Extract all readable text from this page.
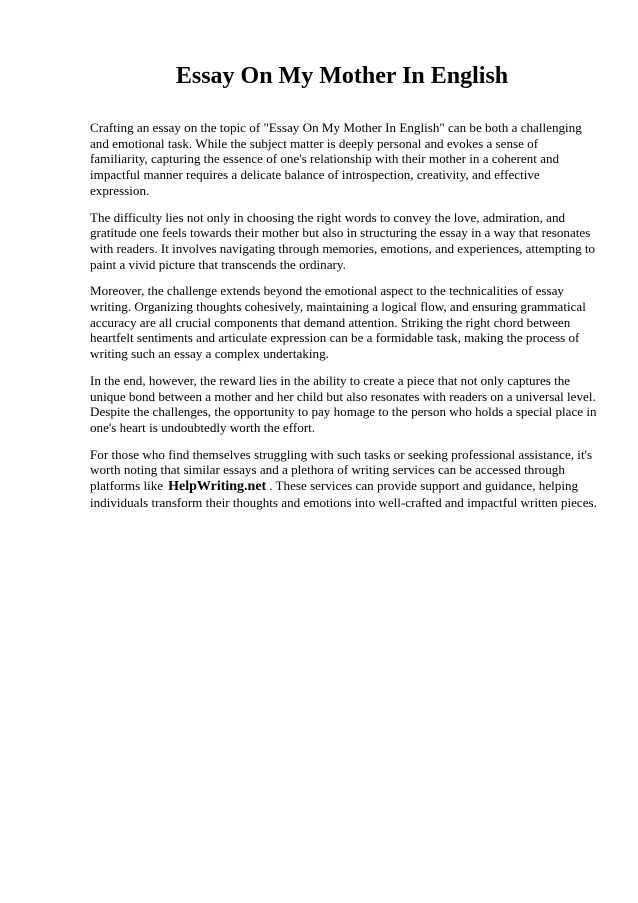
Essay On My Mother In English

Crafting an essay on the topic of "Essay On My Mother In English" can be both a challenging and emotional task. While the subject matter is deeply personal and evokes a sense of familiarity, capturing the essence of one's relationship with their mother in a coherent and impactful manner requires a delicate balance of introspection, creativity, and effective expression.

The difficulty lies not only in choosing the right words to convey the love, admiration, and gratitude one feels towards their mother but also in structuring the essay in a way that resonates with readers. It involves navigating through memories, emotions, and experiences, attempting to paint a vivid picture that transcends the ordinary.

Moreover, the challenge extends beyond the emotional aspect to the technicalities of essay writing. Organizing thoughts cohesively, maintaining a logical flow, and ensuring grammatical accuracy are all crucial components that demand attention. Striking the right chord between heartfelt sentiments and articulate expression can be a formidable task, making the process of writing such an essay a complex undertaking.

In the end, however, the reward lies in the ability to create a piece that not only captures the unique bond between a mother and her child but also resonates with readers on a universal level. Despite the challenges, the opportunity to pay homage to the person who holds a special place in one's heart is undoubtedly worth the effort.

For those who find themselves struggling with such tasks or seeking professional assistance, it's worth noting that similar essays and a plethora of writing services can be accessed through platforms like HelpWriting.net . These services can provide support and guidance, helping individuals transform their thoughts and emotions into well-crafted and impactful written pieces.
